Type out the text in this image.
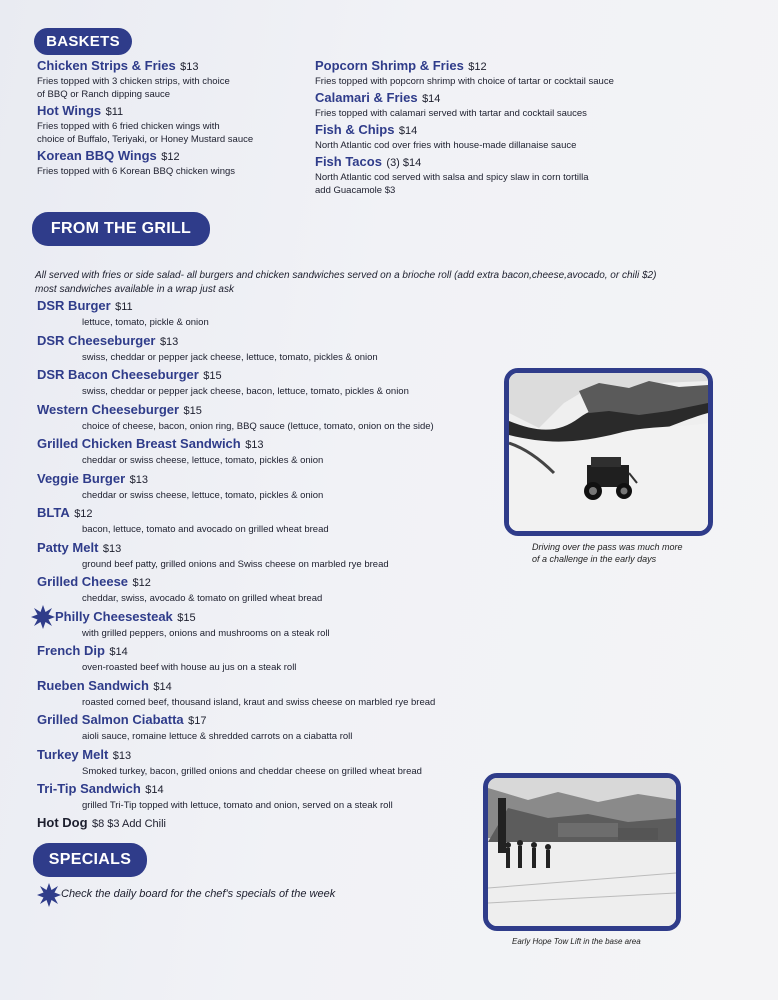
BASKETS
Chicken Strips & Fries $13
Fries topped with 3 chicken strips, with choice
of BBQ or Ranch dipping sauce
Hot Wings $11
Fries topped with 6 fried chicken wings with
choice of Buffalo, Teriyaki, or Honey Mustard sauce
Korean BBQ Wings $12
Fries topped with 6 Korean BBQ chicken wings
Popcorn Shrimp & Fries $12
Fries topped with popcorn shrimp with choice of tartar or cocktail sauce
Calamari & Fries $14
Fries topped with calamari served with tartar and cocktail sauces
Fish & Chips $14
North Atlantic cod over fries with house-made dillanaise sauce
Fish Tacos (3) $14
North Atlantic cod served with salsa and spicy slaw in corn tortilla
add Guacamole $3
FROM THE GRILL
All served with fries or side salad- all burgers and chicken sandwiches served on a brioche roll (add extra bacon,cheese,avocado, or chili $2)
most sandwiches available in a wrap just ask
DSR Burger $11
lettuce, tomato, pickle & onion
DSR Cheeseburger $13
swiss, cheddar or pepper jack cheese, lettuce, tomato, pickles & onion
DSR Bacon Cheeseburger $15
swiss, cheddar or pepper jack cheese, bacon, lettuce, tomato, pickles & onion
Western Cheeseburger $15
choice of cheese, bacon, onion ring, BBQ sauce (lettuce, tomato, onion on the side)
Grilled Chicken Breast Sandwich $13
cheddar or swiss cheese, lettuce, tomato, pickles & onion
Veggie Burger $13
cheddar or swiss cheese, lettuce, tomato, pickles & onion
BLTA $12
bacon, lettuce, tomato and avocado on grilled wheat bread
Patty Melt $13
ground beef patty, grilled onions and Swiss cheese on marbled rye bread
Grilled Cheese $12
cheddar, swiss, avocado & tomato on grilled wheat bread
Philly Cheesesteak $15
with grilled peppers, onions and mushrooms on a steak roll
French Dip $14
oven-roasted beef with house au jus on a steak roll
Rueben Sandwich $14
roasted corned beef, thousand island, kraut and swiss cheese on marbled rye bread
Grilled Salmon Ciabatta $17
aioli sauce, romaine lettuce & shredded carrots on a ciabatta roll
Turkey Melt $13
Smoked turkey, bacon, grilled onions and cheddar cheese on grilled wheat bread
Tri-Tip Sandwich $14
grilled Tri-Tip topped with lettuce, tomato and onion, served on a steak roll
Hot Dog $8 $3 Add Chili
SPECIALS
Check the daily board for the chef's specials of the week
Driving over the pass was much more
of a challenge in the early days
Early Hope Tow Lift in the base area
